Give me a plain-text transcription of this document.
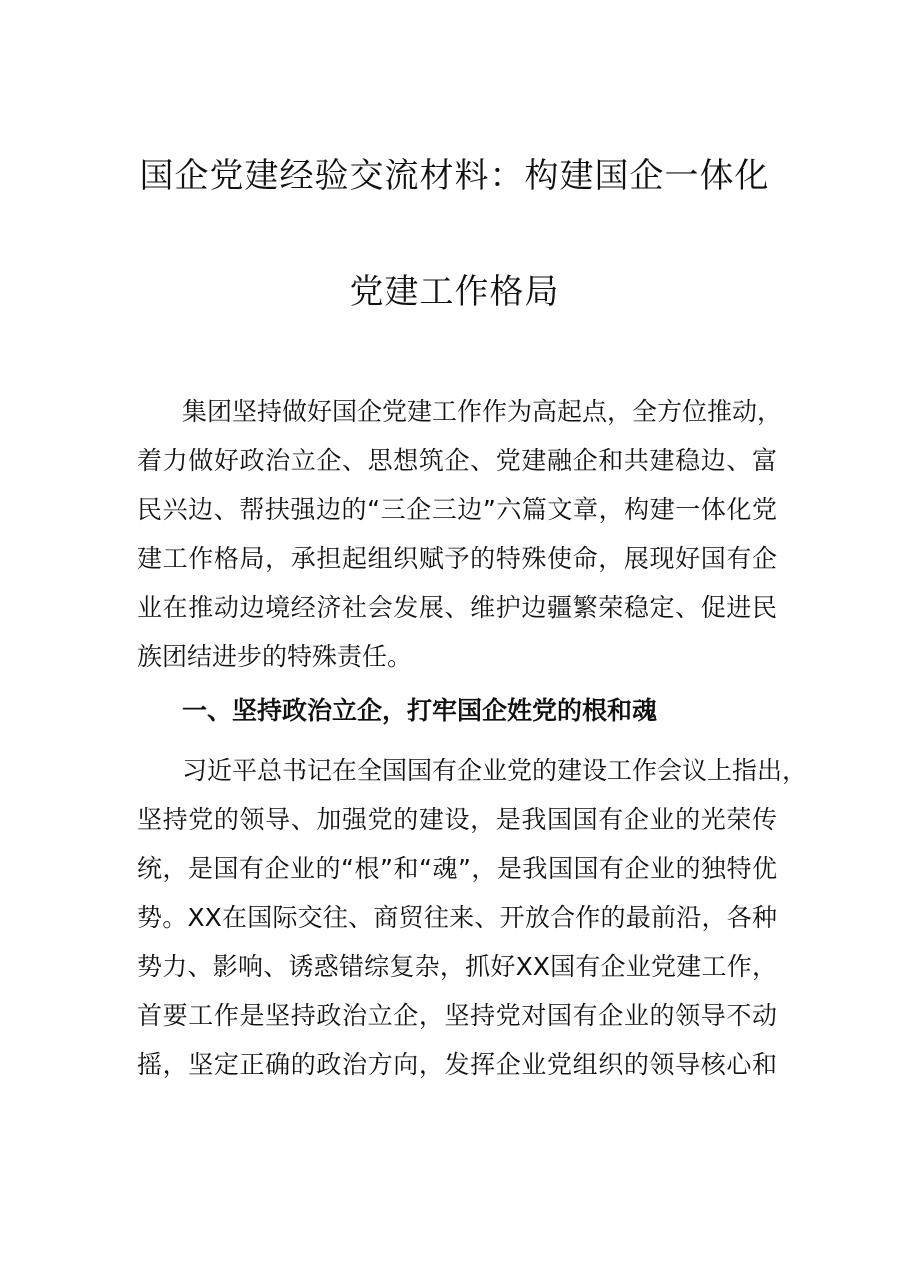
国企党建经验交流材料：构建国企一体化
党建工作格局
集团坚持做好国企党建工作作为高起点，全方位推动，
着力做好政治立企、思想筑企、党建融企和共建稳边、富
民兴边、帮扶强边的“三企三边”六篇文章，构建一体化党
建工作格局，承担起组织赋予的特殊使命，展现好国有企
业在推动边境经济社会发展、维护边疆繁荣稳定、促进民
族团结进步的特殊责任。
一、坚持政治立企，打牢国企姓党的根和魂
习近平总书记在全国国有企业党的建设工作会议上指出，
坚持党的领导、加强党的建设，是我国国有企业的光荣传
统，是国有企业的“根”和“魂”，是我国国有企业的独特优
势。XX在国际交往、商贸往来、开放合作的最前沿，各种
势力、影响、诱惑错综复杂，抓好XX国有企业党建工作，
首要工作是坚持政治立企，坚持党对国有企业的领导不动
摇，坚定正确的政治方向，发挥企业党组织的领导核心和
